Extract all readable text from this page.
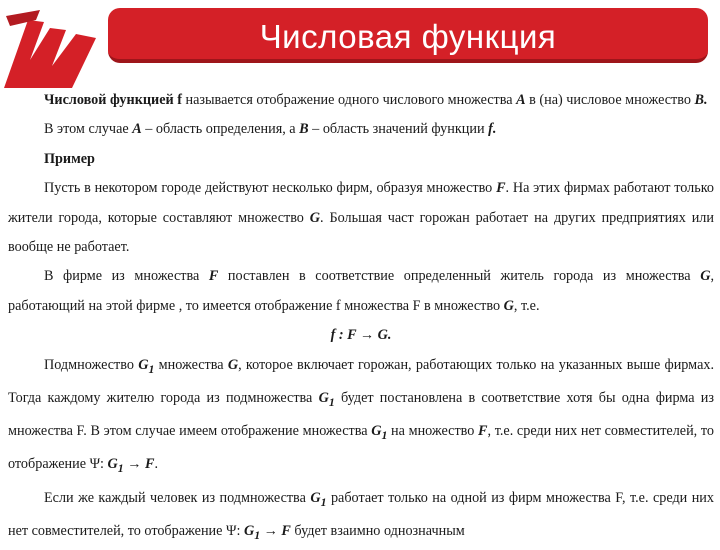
Числовая функция

Числовой функцией f называется отображение одного числового множества A в (на) числовое множество B.

В этом случае A – область определения, а B – область значений функции f.

Пример

Пусть в некотором городе действуют несколько фирм, образуя множество F. На этих фирмах работают только жители города, которые составляют множество G. Большая част горожан работает на других предприятиях или вообще не работает.

В фирме из множества F поставлен в соответствие определенный житель города из множества G, работающий на этой фирме , то имеется отображение f множества F в множество G, т.е.

f : F → G.

Подмножество $G_1$ множества G, которое включает горожан, работающих только на указанных выше фирмах. Тогда каждому жителю города из подмножества $G_1$ будет постановлена в соответствие хотя бы одна фирма из множества F. В этом случае имеем отображение множества $G_1$ на множество F, т.е. среди них нет совместителей, то отображение Ψ: $G_1 \to F$.

Если же каждый человек из подмножества $G_1$ работает только на одной из фирм множества F, т.е. среди них нет совместителей, то отображение Ψ: $G_1 \to F$ будет взаимно однозначным
